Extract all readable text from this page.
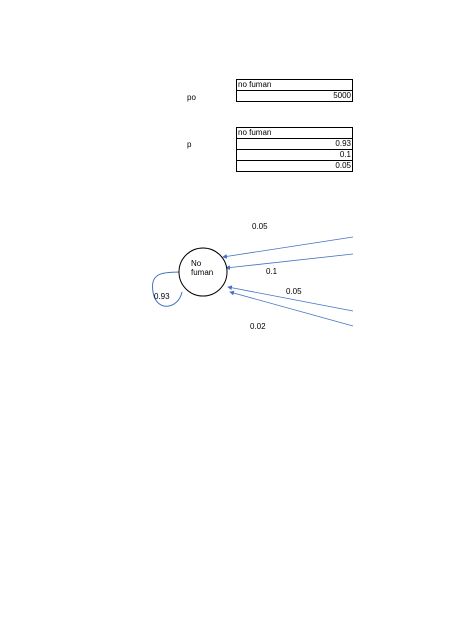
po
no fuman
5000
p
no fuman
0.93
0.1
0.05
No
fuman
0.05
0.1
0.05
0.02
0.93
